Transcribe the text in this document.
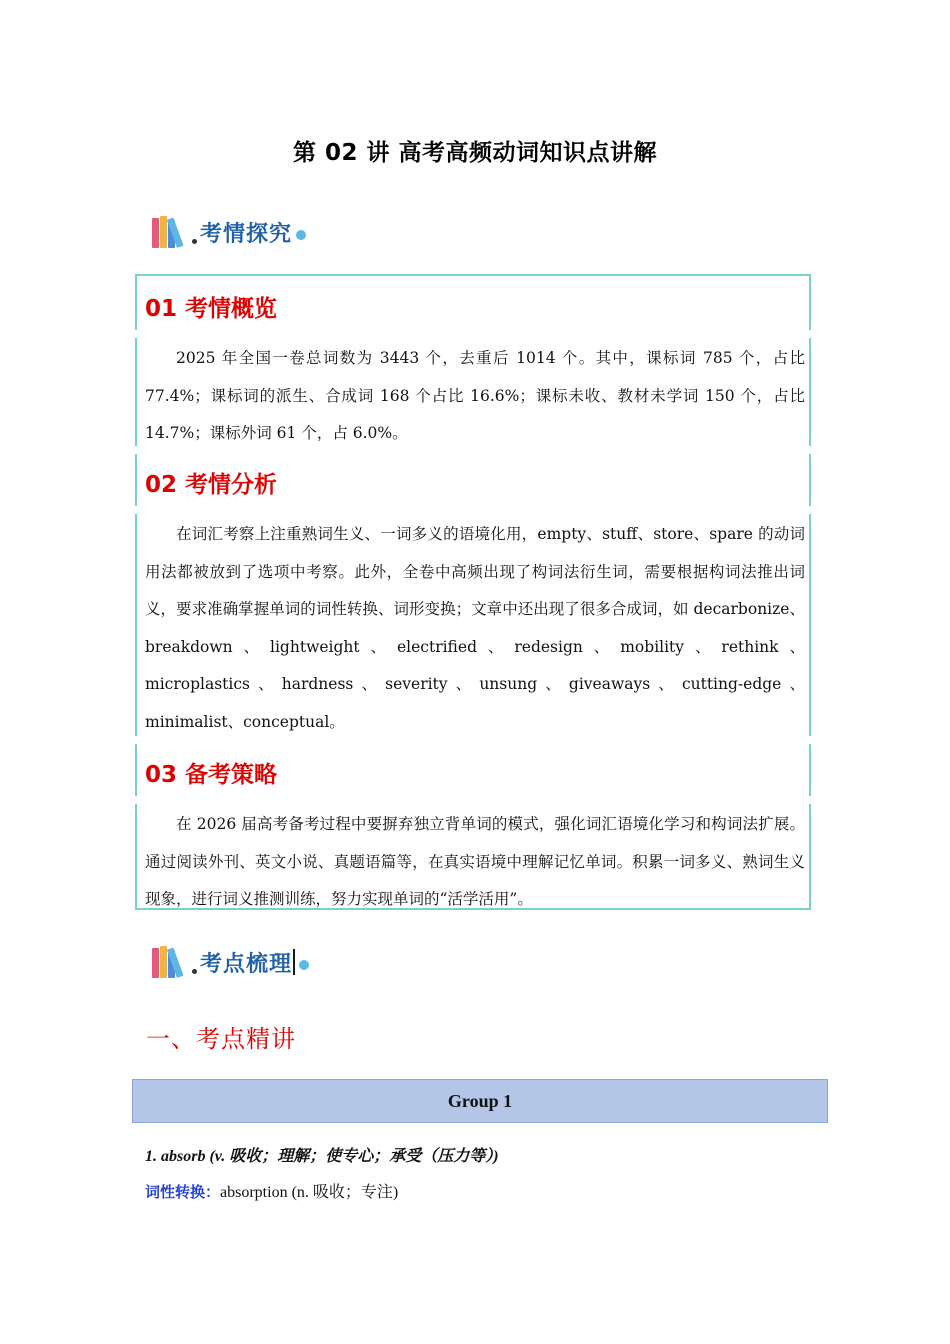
第 02 讲 高考高频动词知识点讲解
考情探究
01 考情概览
2025 年全国一卷总词数为 3443 个，去重后 1014 个。其中，课标词 785 个，占比 77.4%；课标词的派生、合成词 168 个占比 16.6%；课标未收、教材未学词 150 个，占比 14.7%；课标外词 61 个，占 6.0%。
02 考情分析
在词汇考察上注重熟词生义、一词多义的语境化用，empty、stuff、store、spare 的动词用法都被放到了选项中考察。此外，全卷中高频出现了构词法衍生词，需要根据构词法推出词义，要求准确掌握单词的词性转换、词形变换；文章中还出现了很多合成词，如 decarbonize、breakdown、lightweight、electrified、redesign、mobility、rethink、microplastics、hardness、severity、unsung、giveaways、cutting-edge、minimalist、conceptual。
03 备考策略
在 2026 届高考备考过程中要摒弃独立背单词的模式，强化词汇语境化学习和构词法扩展。通过阅读外刊、英文小说、真题语篇等，在真实语境中理解记忆单词。积累一词多义、熟词生义现象，进行词义推测训练，努力实现单词的“活学活用”。
考点梳理
一、考点精讲
Group 1
1. absorb (v. 吸收；理解；使专心；承受（压力等）)
词性转换：absorption (n. 吸收；专注)
